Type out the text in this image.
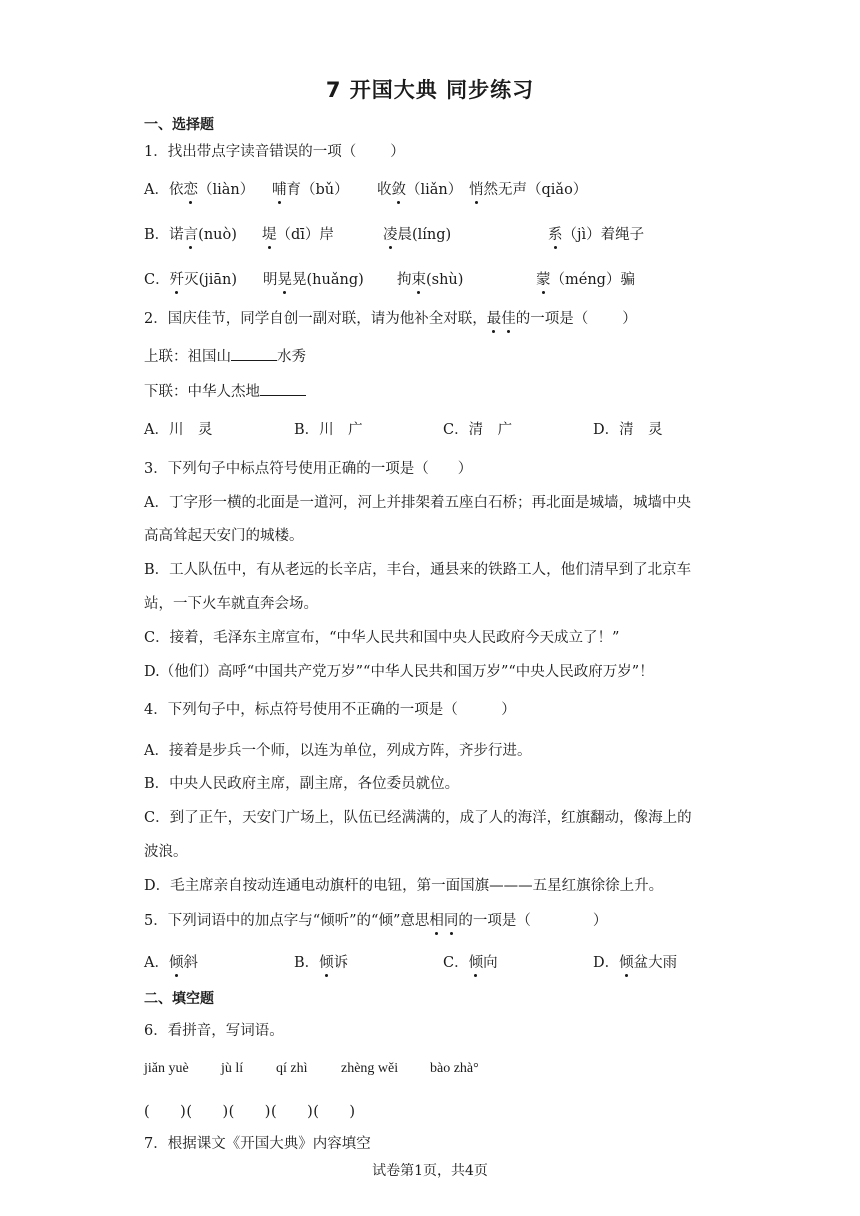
7 开国大典 同步练习
一、选择题
1．找出带点字读音错误的一项（ ）
A．依恋（liàn） 哺育（bǔ） 收敛（liǎn） 悄然无声（qiǎo）
B．诺言(nuò) 堤（dī）岸	凌晨(líng)	系（jì）着绳子
C．歼灭(jiān) 明晃晃(huǎng) 拘束(shù)	蒙（méng）骗
2．国庆佳节，同学自创一副对联，请为他补全对联，最佳的一项是（ ）
上联：祖国山	水秀
下联：中华人杰地
A．川　灵	B．川　广	C．清　广	D．清　灵
3．下列句子中标点符号使用正确的一项是（　　）
A．丁字形一横的北面是一道河，河上并排架着五座白石桥；再北面是城墙，城墙中央
高高耸起天安门的城楼。
B．工人队伍中，有从老远的长辛店，丰台，通县来的铁路工人，他们清早到了北京车
站，一下火车就直奔会场。
C．接着，毛泽东主席宣布，“中华人民共和国中央人民政府今天成立了！”
D.（他们）高呼“中国共产党万岁”“中华人民共和国万岁”“中央人民政府万岁”！
4．下列句子中，标点符号使用不正确的一项是（　　　）
A．接着是步兵一个师，以连为单位，列成方阵，齐步行进。
B．中央人民政府主席，副主席，各位委员就位。
C．到了正午，天安门广场上，队伍已经满满的，成了人的海洋，红旗翻动，像海上的
波浪。
D．毛主席亲自按动连通电动旗杆的电钮，第一面国旗———五星红旗徐徐上升。
5．下列词语中的加点字与“倾听”的“倾”意思相同的一项是（	）
A．倾斜	B．倾诉	C．倾向	D．倾盆大雨
二、填空题
6．看拼音，写词语。
jiǎn yuè jù lí qí zhì zhèng wěi bào zhà°
(　　)(　　)(　　)(　　)(　　)
7．根据课文《开国大典》内容填空
试卷第1页，共4页
